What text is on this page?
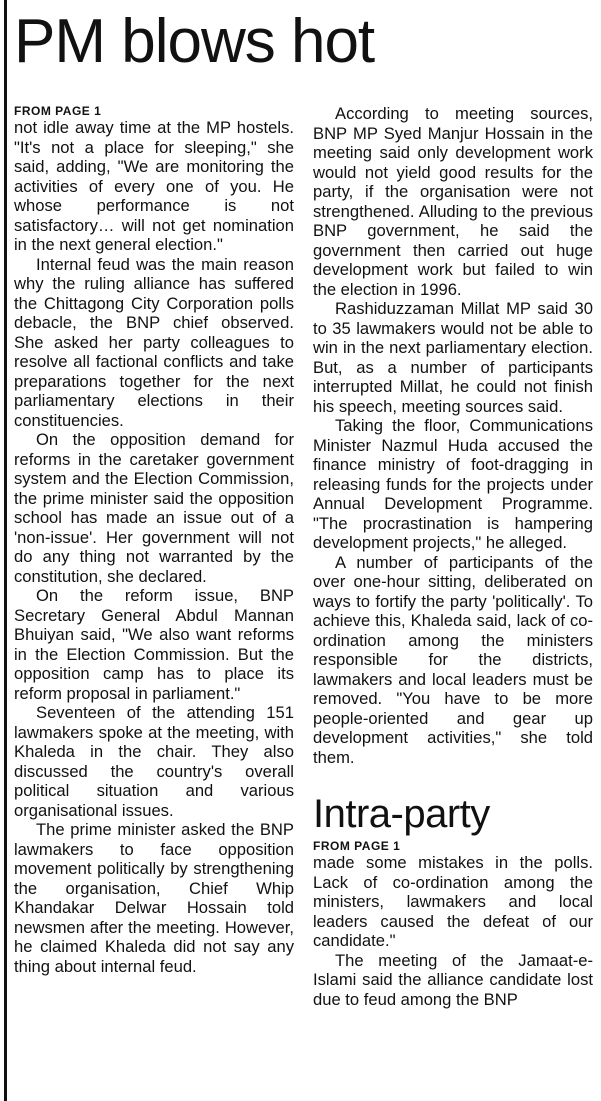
PM blows hot
FROM PAGE 1

not idle away time at the MP hostels. "It's not a place for sleeping," she said, adding, "We are monitoring the activities of every one of you. He whose performance is not satisfactory… will not get nomination in the next general election."

Internal feud was the main reason why the ruling alliance has suffered the Chittagong City Corporation polls debacle, the BNP chief observed. She asked her party colleagues to resolve all factional conflicts and take preparations together for the next parliamentary elections in their constituencies.

On the opposition demand for reforms in the caretaker government system and the Election Commission, the prime minister said the opposition school has made an issue out of a 'non-issue'. Her government will not do any thing not warranted by the constitution, she declared.

On the reform issue, BNP Secretary General Abdul Mannan Bhuiyan said, "We also want reforms in the Election Commission. But the opposition camp has to place its reform proposal in parliament."

Seventeen of the attending 151 lawmakers spoke at the meeting, with Khaleda in the chair. They also discussed the country's overall political situation and various organisational issues.

The prime minister asked the BNP lawmakers to face opposition movement politically by strengthening the organisation, Chief Whip Khandakar Delwar Hossain told newsmen after the meeting. However, he claimed Khaleda did not say any thing about internal feud.

According to meeting sources, BNP MP Syed Manjur Hossain in the meeting said only development work would not yield good results for the party, if the organisation were not strengthened. Alluding to the previous BNP government, he said the government then carried out huge development work but failed to win the election in 1996.

Rashiduzzaman Millat MP said 30 to 35 lawmakers would not be able to win in the next parliamentary election. But, as a number of participants interrupted Millat, he could not finish his speech, meeting sources said.

Taking the floor, Communications Minister Nazmul Huda accused the finance ministry of foot-dragging in releasing funds for the projects under Annual Development Programme. "The procrastination is hampering development projects," he alleged.

A number of participants of the over one-hour sitting, deliberated on ways to fortify the party 'politically'. To achieve this, Khaleda said, lack of co-ordination among the ministers responsible for the districts, lawmakers and local leaders must be removed. "You have to be more people-oriented and gear up development activities," she told them.

Intra-party
FROM PAGE 1

made some mistakes in the polls. Lack of co-ordination among the ministers, lawmakers and local leaders caused the defeat of our candidate."

The meeting of the Jamaat-e-Islami said the alliance candidate lost due to feud among the BNP
